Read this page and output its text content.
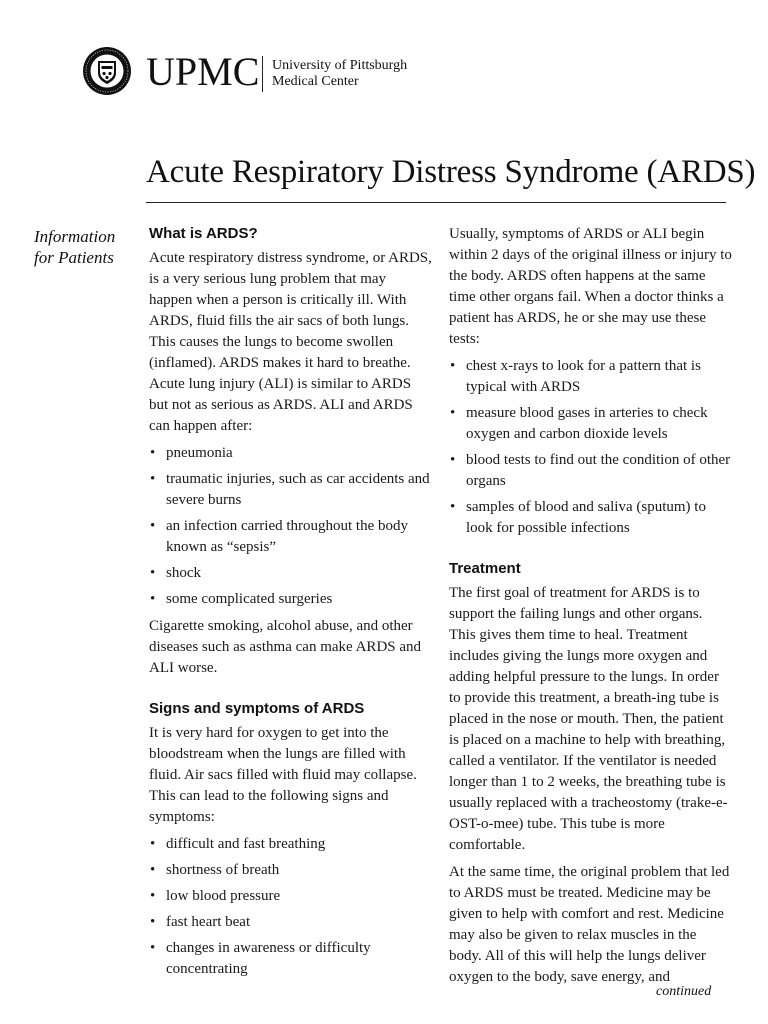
UPMC University of Pittsburgh
Medical Center
Acute Respiratory Distress Syndrome (ARDS)
Information
for Patients
What is ARDS?
Acute respiratory distress syndrome, or ARDS, is a very serious lung problem that may happen when a person is critically ill. With ARDS, fluid fills the air sacs of both lungs. This causes the lungs to become swollen (inflamed). ARDS makes it hard to breathe. Acute lung injury (ALI) is similar to ARDS but not as serious as ARDS. ALI and ARDS can happen after:
• pneumonia
• traumatic injuries, such as car accidents and severe burns
• an infection carried throughout the body known as “sepsis”
• shock
• some complicated surgeries
Cigarette smoking, alcohol abuse, and other diseases such as asthma can make ARDS and ALI worse.
Signs and symptoms of ARDS
It is very hard for oxygen to get into the bloodstream when the lungs are filled with fluid. Air sacs filled with fluid may collapse. This can lead to the following signs and symptoms:
• difficult and fast breathing
• shortness of breath
• low blood pressure
• fast heart beat
• changes in awareness or difficulty concentrating
Usually, symptoms of ARDS or ALI begin within 2 days of the original illness or injury to the body. ARDS often happens at the same time other organs fail. When a doctor thinks a patient has ARDS, he or she may use these tests:
• chest x-rays to look for a pattern that is typical with ARDS
• measure blood gases in arteries to check oxygen and carbon dioxide levels
• blood tests to find out the condition of other organs
• samples of blood and saliva (sputum) to look for possible infections
Treatment
The first goal of treatment for ARDS is to support the failing lungs and other organs. This gives them time to heal. Treatment includes giving the lungs more oxygen and adding helpful pressure to the lungs. In order to provide this treatment, a breath-ing tube is placed in the nose or mouth. Then, the patient is placed on a machine to help with breathing, called a ventilator. If the ventilator is needed longer than 1 to 2 weeks, the breathing tube is usually replaced with a tracheostomy (trake-e-OST-o-mee) tube. This tube is more comfortable.
At the same time, the original problem that led to ARDS must be treated. Medicine may be given to help with comfort and rest. Medicine may also be given to relax muscles in the body. All of this will help the lungs deliver oxygen to the body, save energy, and
continued
